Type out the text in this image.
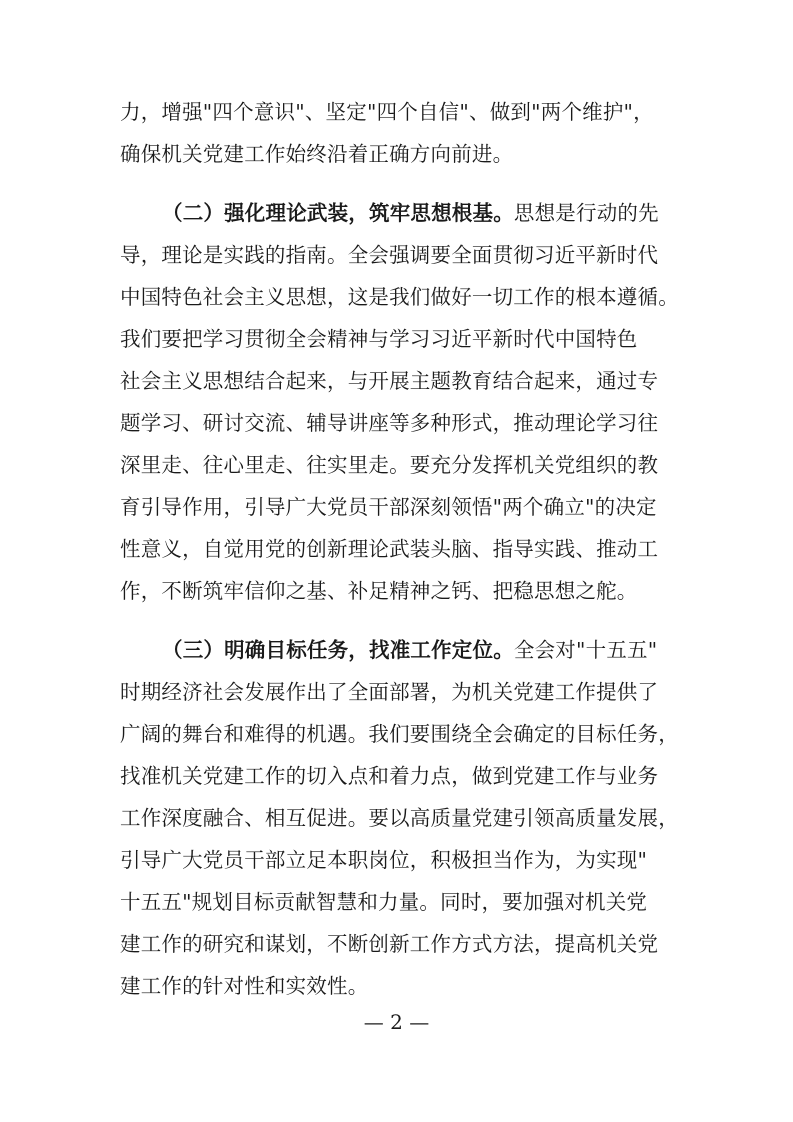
力，增强"四个意识"、坚定"四个自信"、做到"两个维护"，
确保机关党建工作始终沿着正确方向前进。
（二）强化理论武装，筑牢思想根基。思想是行动的先
导，理论是实践的指南。全会强调要全面贯彻习近平新时代
中国特色社会主义思想，这是我们做好一切工作的根本遵循。
我们要把学习贯彻全会精神与学习习近平新时代中国特色
社会主义思想结合起来，与开展主题教育结合起来，通过专
题学习、研讨交流、辅导讲座等多种形式，推动理论学习往
深里走、往心里走、往实里走。要充分发挥机关党组织的教
育引导作用，引导广大党员干部深刻领悟"两个确立"的决定
性意义，自觉用党的创新理论武装头脑、指导实践、推动工
作，不断筑牢信仰之基、补足精神之钙、把稳思想之舵。
（三）明确目标任务，找准工作定位。全会对"十五五"
时期经济社会发展作出了全面部署，为机关党建工作提供了
广阔的舞台和难得的机遇。我们要围绕全会确定的目标任务，
找准机关党建工作的切入点和着力点，做到党建工作与业务
工作深度融合、相互促进。要以高质量党建引领高质量发展，
引导广大党员干部立足本职岗位，积极担当作为，为实现"
十五五"规划目标贡献智慧和力量。同时，要加强对机关党
建工作的研究和谋划，不断创新工作方式方法，提高机关党
建工作的针对性和实效性。
— 2 —
